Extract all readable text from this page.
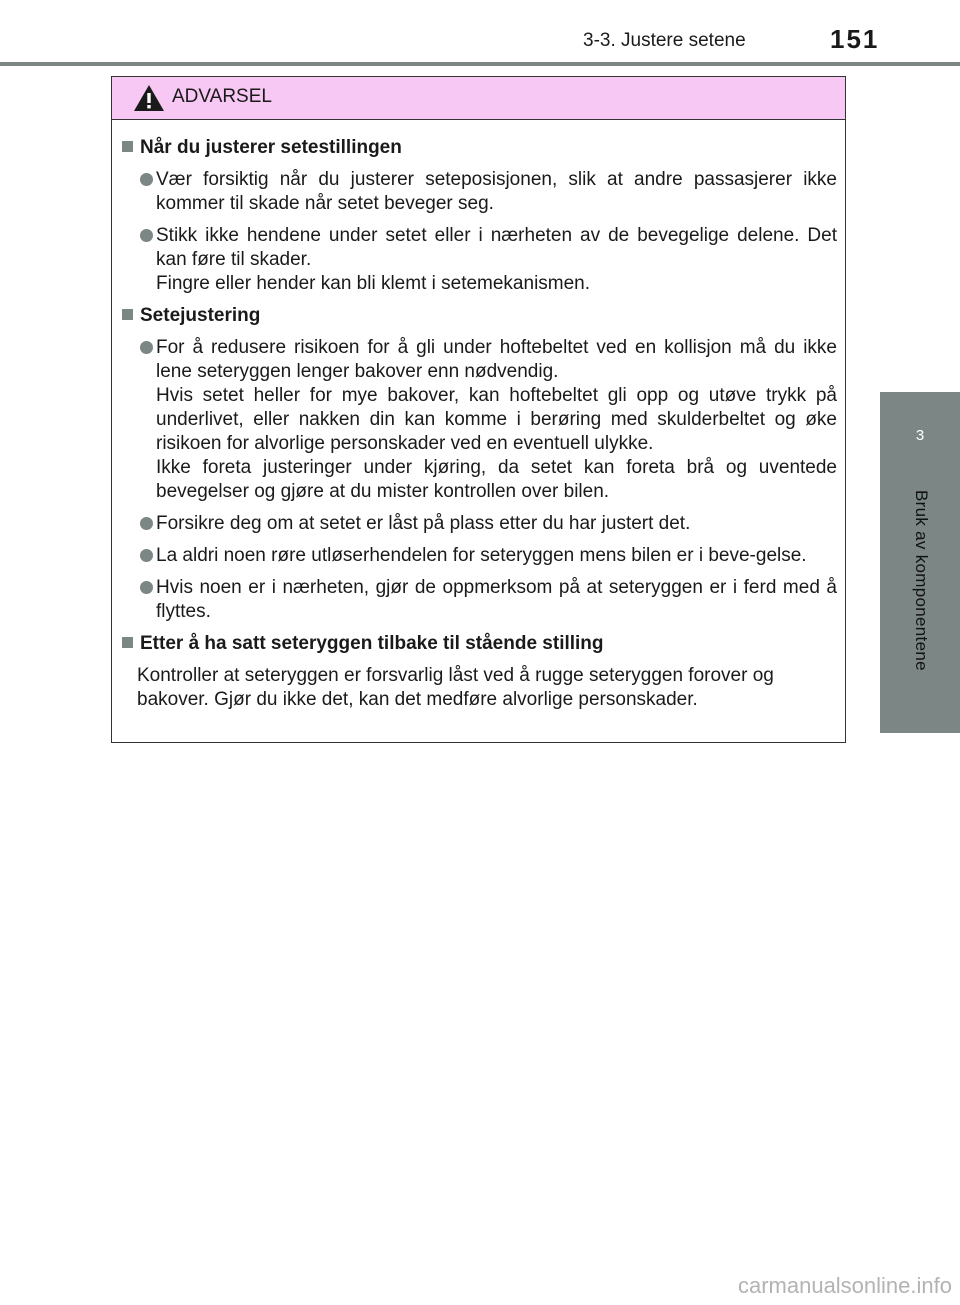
3-3. Justere setene	151
3
Bruk av komponentene
ADVARSEL
Når du justerer setestillingen
Vær forsiktig når du justerer seteposisjonen, slik at andre passasjerer ikke kommer til skade når setet beveger seg.
Stikk ikke hendene under setet eller i nærheten av de bevegelige delene. Det kan føre til skader.
Fingre eller hender kan bli klemt i setemekanismen.
Setejustering
For å redusere risikoen for å gli under hoftebeltet ved en kollisjon må du ikke lene seteryggen lenger bakover enn nødvendig.
Hvis setet heller for mye bakover, kan hoftebeltet gli opp og utøve trykk på underlivet, eller nakken din kan komme i berøring med skulderbeltet og øke risikoen for alvorlige personskader ved en eventuell ulykke.
Ikke foreta justeringer under kjøring, da setet kan foreta brå og uventede bevegelser og gjøre at du mister kontrollen over bilen.
Forsikre deg om at setet er låst på plass etter du har justert det.
La aldri noen røre utløserhendelen for seteryggen mens bilen er i beve-gelse.
Hvis noen er i nærheten, gjør de oppmerksom på at seteryggen er i ferd med å flyttes.
Etter å ha satt seteryggen tilbake til stående stilling
Kontroller at seteryggen er forsvarlig låst ved å rugge seteryggen forover og bakover. Gjør du ikke det, kan det medføre alvorlige personskader.
carmanualsonline.info
